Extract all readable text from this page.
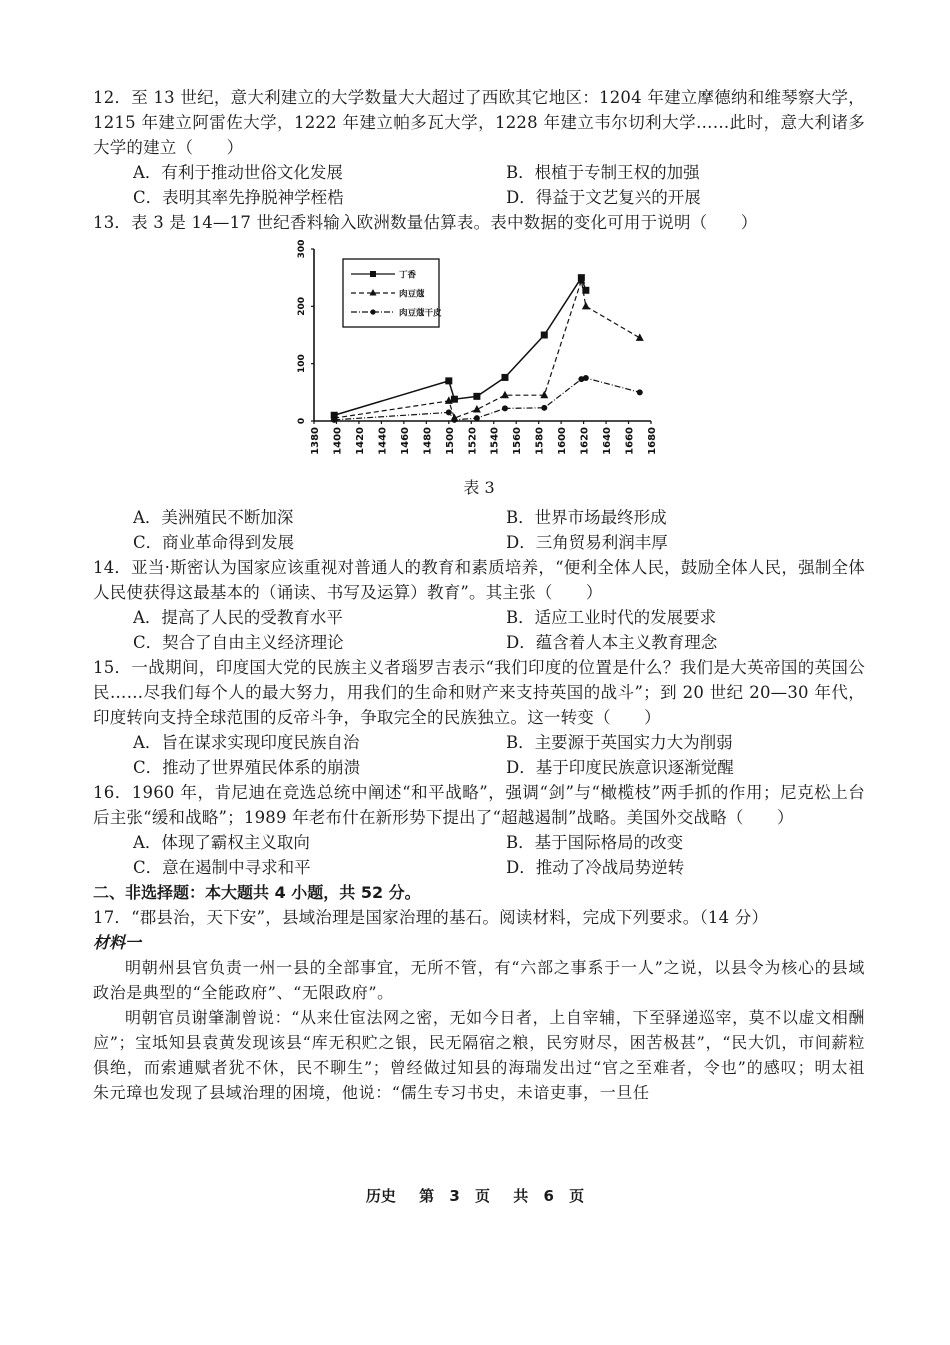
12．至 13 世纪，意大利建立的大学数量大大超过了西欧其它地区：1204 年建立摩德纳和维琴察大学，1215 年建立阿雷佐大学，1222 年建立帕多瓦大学，1228 年建立韦尔切利大学……此时，意大利诸多大学的建立（　　）
A．有利于推动世俗文化发展	B．根植于专制王权的加强
C．表明其率先挣脱神学桎梏	D．得益于文艺复兴的开展
13．表 3 是 14—17 世纪香料输入欧洲数量估算表。表中数据的变化可用于说明（　　）
0
100
200
300
1380 1400 1420 1440 1460 1480 1500 1520 1540 1560 1580 1600 1620 1640 1660 1680
丁香
肉豆蔻
肉豆蔻干皮
表 3
A．美洲殖民不断加深	B．世界市场最终形成
C．商业革命得到发展	D．三角贸易利润丰厚
14．亚当·斯密认为国家应该重视对普通人的教育和素质培养，“便利全体人民，鼓励全体人民，强制全体人民使获得这最基本的（诵读、书写及运算）教育”。其主张（　　）
A．提高了人民的受教育水平	B．适应工业时代的发展要求
C．契合了自由主义经济理论	D．蕴含着人本主义教育理念
15．一战期间，印度国大党的民族主义者瑙罗吉表示“我们印度的位置是什么？我们是大英帝国的英国公民……尽我们每个人的最大努力，用我们的生命和财产来支持英国的战斗”；到 20 世纪 20—30 年代，印度转向支持全球范围的反帝斗争，争取完全的民族独立。这一转变（　　）
A．旨在谋求实现印度民族自治	B．主要源于英国实力大为削弱
C．推动了世界殖民体系的崩溃	D．基于印度民族意识逐渐觉醒
16．1960 年，肯尼迪在竞选总统中阐述“和平战略”，强调“剑”与“橄榄枝”两手抓的作用；尼克松上台后主张“缓和战略”；1989 年老布什在新形势下提出了“超越遏制”战略。美国外交战略（　　）
A．体现了霸权主义取向	B．基于国际格局的改变
C．意在遏制中寻求和平	D．推动了冷战局势逆转
二、非选择题：本大题共 4 小题，共 52 分。
17．“郡县治，天下安”，县域治理是国家治理的基石。阅读材料，完成下列要求。（14 分）
材料一
明朝州县官负责一州一县的全部事宜，无所不管，有“六部之事系于一人”之说，以县令为核心的县域政治是典型的“全能政府”、“无限政府”。
明朝官员谢肇淛曾说：“从来仕宦法网之密，无如今日者，上自宰辅，下至驿递巡宰，莫不以虚文相酬应”；宝坻知县袁黄发现该县“库无积贮之银，民无隔宿之粮，民穷财尽，困苦极甚”，“民大饥，市间薪粒俱绝，而索逋赋者犹不休，民不聊生”；曾经做过知县的海瑞发出过“官之至难者，令也”的感叹；明太祖朱元璋也发现了县域治理的困境，他说：“儒生专习书史，未谙吏事，一旦任
历史 第 3 页 共 6 页
